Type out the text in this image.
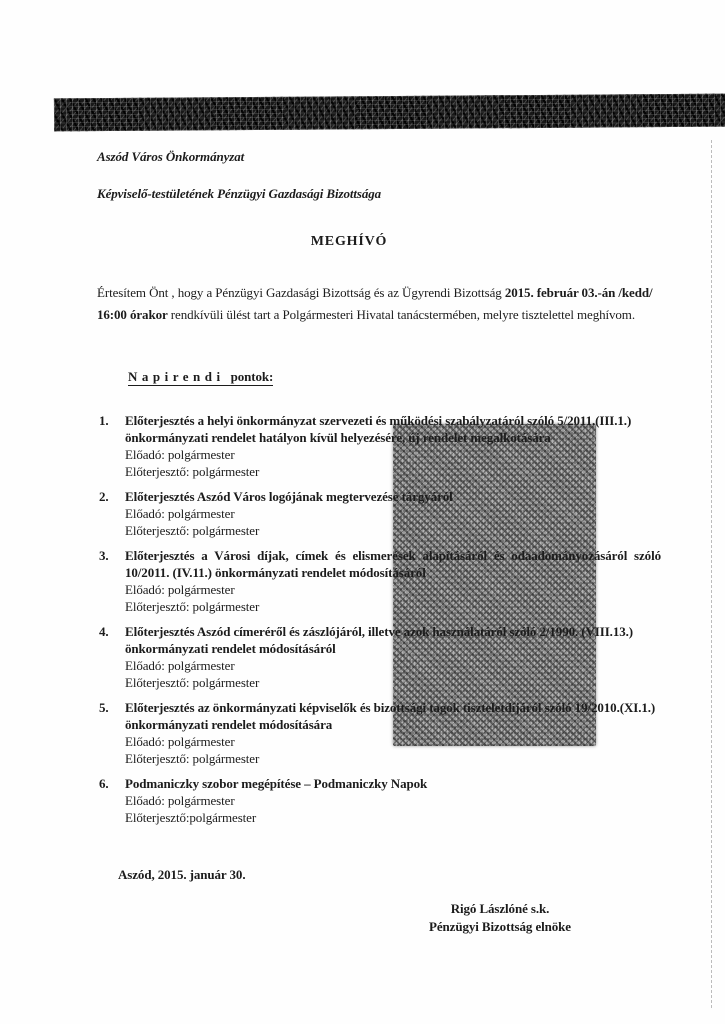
Aszód Város Önkormányzat

Képviselő-testületének Pénzügyi Gazdasági Bizottsága

MEGHÍVÓ

Értesítem Önt , hogy a Pénzügyi Gazdasági Bizottság és az Ügyrendi Bizottság 2015. február 03.-án /kedd/ 16:00 órakor rendkívüli ülést tart a Polgármesteri Hivatal tanácstermében, melyre tisztelettel meghívom.

Napirendi pontok:

1.	Előterjesztés a helyi önkormányzat szervezeti és működési szabályzatáról szóló 5/2011.(III.1.) önkormányzati rendelet hatályon kívül helyezésére, új rendelet megalkotására
Előadó: polgármester
Előterjesztő: polgármester
2.	Előterjesztés Aszód Város logójának megtervezése tárgyáról
Előadó: polgármester
Előterjesztő: polgármester
3.	Előterjesztés a Városi díjak, címek és elismerések alapításáról és odaadományozásáról szóló 10/2011. (IV.11.) önkormányzati rendelet módosításáról
Előadó: polgármester
Előterjesztő: polgármester
4.	Előterjesztés Aszód címeréről és zászlójáról, illetve azok használatáról szóló 2/1990. (VIII.13.) önkormányzati rendelet módosításáról
Előadó: polgármester
Előterjesztő: polgármester
5.	Előterjesztés az önkormányzati képviselők és bizottsági tagok tiszteletdíjáról szóló 19/2010.(XI.1.) önkormányzati rendelet módosítására
Előadó: polgármester
Előterjesztő: polgármester
6.	Podmaniczky szobor megépítése – Podmaniczky Napok
Előadó: polgármester
Előterjesztő:polgármester

Aszód, 2015. január 30.

Rigó Lászlóné s.k.
Pénzügyi Bizottság elnöke
